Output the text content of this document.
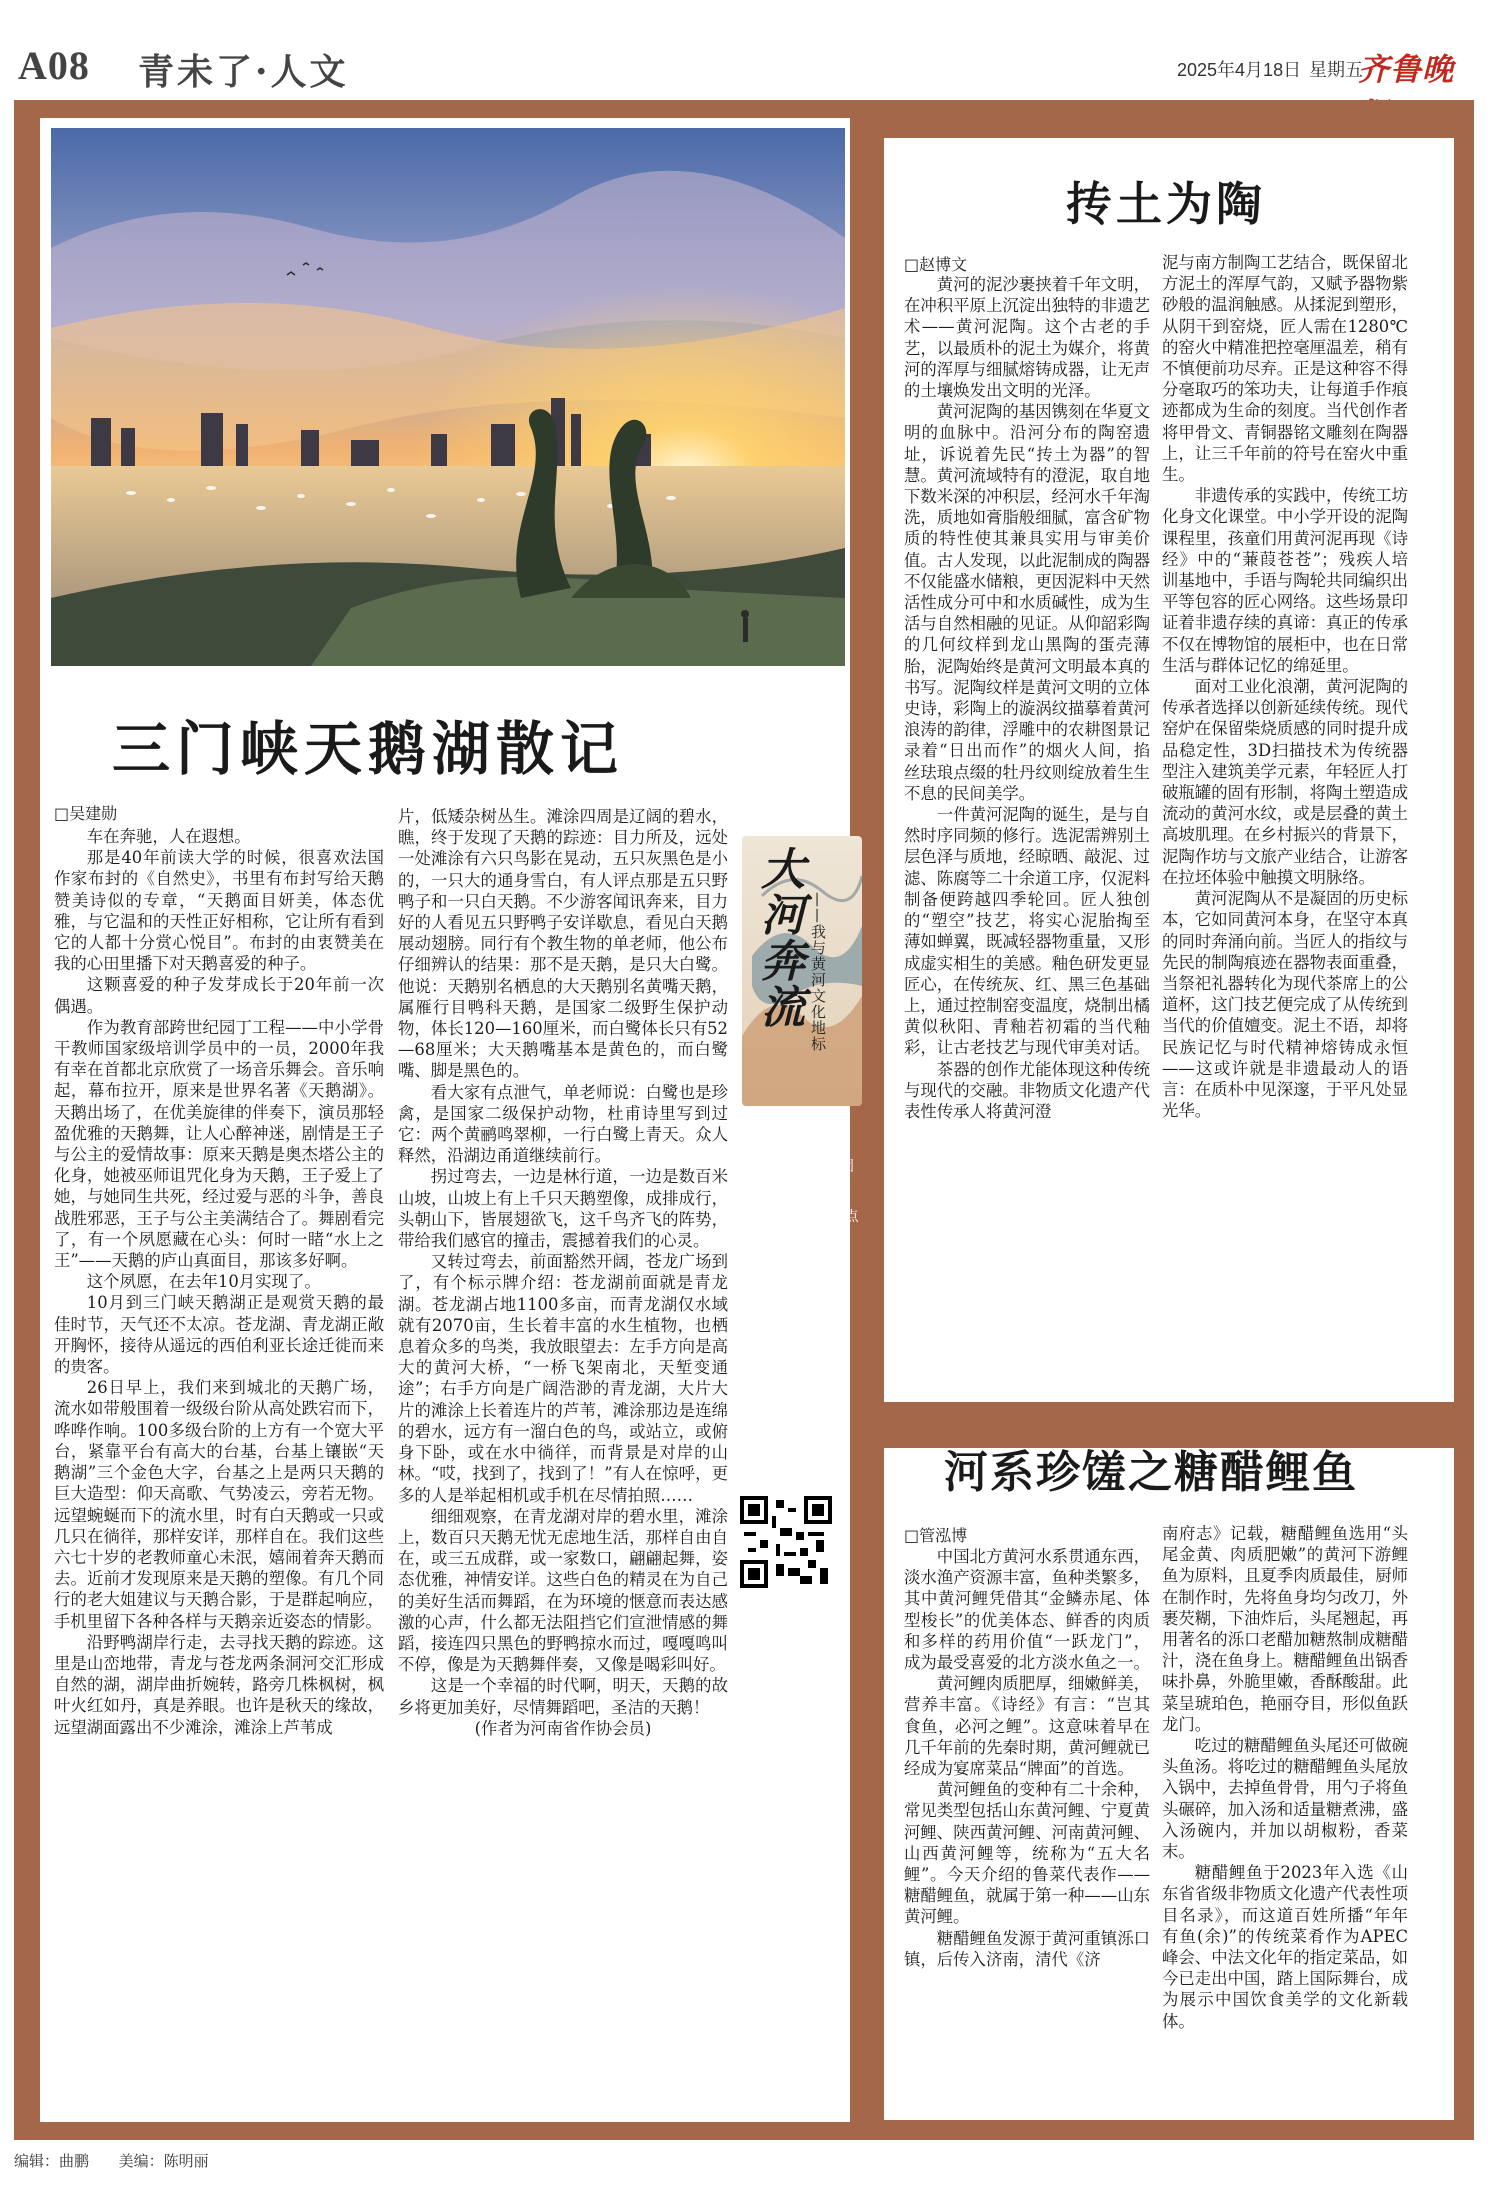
A08 青未了·人文	2025年4月18日 星期五
齐鲁晚
三门峡天鹅湖散记
□吴建勋

车在奔驰，人在遐想。

那是40年前读大学的时候，很喜欢法国作家布封的《自然史》，书里有布封写给天鹅赞美诗似的专章，“天鹅面目妍美，体态优雅，与它温和的天性正好相称，它让所有看到它的人都十分赏心悦目”。布封的由衷赞美在我的心田里播下对天鹅喜爱的种子。

这颗喜爱的种子发芽成长于20年前一次偶遇。

作为教育部跨世纪园丁工程——中小学骨干教师国家级培训学员中的一员，2000年我有幸在首都北京欣赏了一场音乐舞会。音乐响起，幕布拉开，原来是世界名著《天鹅湖》。天鹅出场了，在优美旋律的伴奏下，演员那轻盈优雅的天鹅舞，让人心醉神迷，剧情是王子与公主的爱情故事：原来天鹅是奥杰塔公主的化身，她被巫师诅咒化身为天鹅，王子爱上了她，与她同生共死，经过爱与恶的斗争，善良战胜邪恶，王子与公主美满结合了。舞剧看完了，有一个夙愿藏在心头：何时一睹“水上之王”——天鹅的庐山真面目，那该多好啊。

这个夙愿，在去年10月实现了。

10月到三门峡天鹅湖正是观赏天鹅的最佳时节，天气还不太凉。苍龙湖、青龙湖正敞开胸怀，接待从遥远的西伯利亚长途迁徙而来的贵客。

26日早上，我们来到城北的天鹅广场，流水如带般围着一级级台阶从高处跌宕而下，哗哗作响。100多级台阶的上方有一个宽大平台，紧靠平台有高大的台基，台基上镶嵌“天鹅湖”三个金色大字，台基之上是两只天鹅的巨大造型：仰天高歌、气势凌云，旁若无物。远望蜿蜒而下的流水里，时有白天鹅或一只或几只在徜徉，那样安详，那样自在。我们这些六七十岁的老教师童心未泯，嬉闹着奔天鹅而去。近前才发现原来是天鹅的塑像。有几个同行的老大姐建议与天鹅合影，于是群起响应，手机里留下各种各样与天鹅亲近姿态的情影。

沿野鸭湖岸行走，去寻找天鹅的踪迹。这里是山峦地带，青龙与苍龙两条洞河交汇形成自然的湖，湖岸曲折婉转，路旁几株枫树，枫叶火红如丹，真是养眼。也许是秋天的缘故，远望湖面露出不少滩涂，滩涂上芦苇成

片，低矮杂树丛生。滩涂四周是辽阔的碧水，瞧，终于发现了天鹅的踪迹：目力所及，远处一处滩涂有六只鸟影在晃动，五只灰黑色是小的，一只大的通身雪白，有人评点那是五只野鸭子和一只白天鹅。不少游客闻讯奔来，目力好的人看见五只野鸭子安详歇息，看见白天鹅展动翅膀。同行有个教生物的单老师，他公布仔细辨认的结果：那不是天鹅，是只大白鹭。他说：天鹅别名栖息的大天鹅别名黄嘴天鹅，属雁行目鸭科天鹅，是国家二级野生保护动物，体长120—160厘米，而白鹭体长只有52—68厘米；大天鹅嘴基本是黄色的，而白鹭嘴、脚是黑色的。

看大家有点泄气，单老师说：白鹭也是珍禽，是国家二级保护动物，杜甫诗里写到过它：两个黄鹂鸣翠柳，一行白鹭上青天。众人释然，沿湖边甬道继续前行。

拐过弯去，一边是林行道，一边是数百米山坡，山坡上有上千只天鹅塑像，成排成行，头朝山下，皆展翅欲飞，这千鸟齐飞的阵势，带给我们感官的撞击，震撼着我们的心灵。

又转过弯去，前面豁然开阔，苍龙广场到了，有个标示牌介绍：苍龙湖前面就是青龙湖。苍龙湖占地1100多亩，而青龙湖仅水域就有2070亩，生长着丰富的水生植物，也栖息着众多的鸟类，我放眼望去：左手方向是高大的黄河大桥，“一桥飞架南北，天堑变通途”；右手方向是广阔浩渺的青龙湖，大片大片的滩涂上长着连片的芦苇，滩涂那边是连绵的碧水，远方有一溜白色的鸟，或站立，或俯身下卧，或在水中徜徉，而背景是对岸的山林。“哎，找到了，找到了！”有人在惊呼，更多的人是举起相机或手机在尽情拍照……

细细观察，在青龙湖对岸的碧水里，滩涂上，数百只天鹅无忧无虑地生活，那样自由自在，或三五成群，或一家数口，翩翩起舞，姿态优雅，神情安详。这些白色的精灵在为自己的美好生活而舞蹈，在为环境的惬意而表达感激的心声，什么都无法阻挡它们宣泄情感的舞蹈，接连四只黑色的野鸭掠水而过，嘎嘎鸣叫不停，像是为天鹅舞伴奏，又像是喝彩叫好。

这是一个幸福的时代啊，明天，天鹅的故乡将更加美好，尽情舞蹈吧，圣洁的天鹅！

(作者为河南省作协会员)

大河奔流 ——我与黄河文化地标
主办单位：
山东黄河河务局
山东数字文化集团
承办单位：
齐鲁晚报·齐鲁壹点
“大河奔流——我与黄河文化地标”征文投稿邮箱：
qlwbfnzjzg@qq.com
抟土为陶
□赵博文

黄河的泥沙裹挟着千年文明，在冲积平原上沉淀出独特的非遗艺术——黄河泥陶。这个古老的手艺，以最质朴的泥土为媒介，将黄河的浑厚与细腻熔铸成器，让无声的土壤焕发出文明的光泽。

黄河泥陶的基因镌刻在华夏文明的血脉中。沿河分布的陶窑遗址，诉说着先民“抟土为器”的智慧。黄河流域特有的澄泥，取自地下数米深的冲积层，经河水千年淘洗，质地如膏脂般细腻，富含矿物质的特性使其兼具实用与审美价值。古人发现，以此泥制成的陶器不仅能盛水储粮，更因泥料中天然活性成分可中和水质碱性，成为生活与自然相融的见证。从仰韶彩陶的几何纹样到龙山黑陶的蛋壳薄胎，泥陶始终是黄河文明最本真的书写。泥陶纹样是黄河文明的立体史诗，彩陶上的漩涡纹描摹着黄河浪涛的韵律，浮雕中的农耕图景记录着“日出而作”的烟火人间，掐丝珐琅点缀的牡丹纹则绽放着生生不息的民间美学。

一件黄河泥陶的诞生，是与自然时序同频的修行。选泥需辨别土层色泽与质地，经晾晒、敲泥、过滤、陈腐等二十余道工序，仅泥料制备便跨越四季轮回。匠人独创的“塑空”技艺，将实心泥胎掏至薄如蝉翼，既减轻器物重量，又形成虚实相生的美感。釉色研发更显匠心，在传统灰、红、黑三色基础上，通过控制窑变温度，烧制出橘黄似秋阳、青釉若初霜的当代釉彩，让古老技艺与现代审美对话。

茶器的创作尤能体现这种传统与现代的交融。非物质文化遗产代表性传承人将黄河澄

泥与南方制陶工艺结合，既保留北方泥土的浑厚气韵，又赋予器物紫砂般的温润触感。从揉泥到塑形，从阴干到窑烧，匠人需在1280℃的窑火中精准把控毫厘温差，稍有不慎便前功尽弃。正是这种容不得分毫取巧的笨功夫，让每道手作痕迹都成为生命的刻度。当代创作者将甲骨文、青铜器铭文雕刻在陶器上，让三千年前的符号在窑火中重生。

非遗传承的实践中，传统工坊化身文化课堂。中小学开设的泥陶课程里，孩童们用黄河泥再现《诗经》中的“蒹葭苍苍”；残疾人培训基地中，手语与陶轮共同编织出平等包容的匠心网络。这些场景印证着非遗存续的真谛：真正的传承不仅在博物馆的展柜中，也在日常生活与群体记忆的绵延里。

面对工业化浪潮，黄河泥陶的传承者选择以创新延续传统。现代窑炉在保留柴烧质感的同时提升成品稳定性，3D扫描技术为传统器型注入建筑美学元素，年轻匠人打破瓶罐的固有形制，将陶土塑造成流动的黄河水纹，或是层叠的黄土高坡肌理。在乡村振兴的背景下，泥陶作坊与文旅产业结合，让游客在拉坯体验中触摸文明脉络。

黄河泥陶从不是凝固的历史标本，它如同黄河本身，在坚守本真的同时奔涌向前。当匠人的指纹与先民的制陶痕迹在器物表面重叠，当祭祀礼器转化为现代茶席上的公道杯，这门技艺便完成了从传统到当代的价值嬗变。泥土不语，却将民族记忆与时代精神熔铸成永恒——这或许就是非遗最动人的语言：在质朴中见深邃，于平凡处显光华。

河系珍馐之糖醋鲤鱼
□管泓博

中国北方黄河水系贯通东西，淡水渔产资源丰富，鱼种类繁多，其中黄河鲤凭借其“金鳞赤尾、体型梭长”的优美体态、鲜香的肉质和多样的药用价值“一跃龙门”，成为最受喜爱的北方淡水鱼之一。

黄河鲤肉质肥厚，细嫩鲜美，营养丰富。《诗经》有言：“岂其食鱼，必河之鲤”。这意味着早在几千年前的先秦时期，黄河鲤就已经成为宴席菜品“牌面”的首选。

黄河鲤鱼的变种有二十余种，常见类型包括山东黄河鲤、宁夏黄河鲤、陕西黄河鲤、河南黄河鲤、山西黄河鲤等，统称为“五大名鲤”。今天介绍的鲁菜代表作——糖醋鲤鱼，就属于第一种——山东黄河鲤。

糖醋鲤鱼发源于黄河重镇泺口镇，后传入济南，清代《济

南府志》记载，糖醋鲤鱼选用“头尾金黄、肉质肥嫩”的黄河下游鲤鱼为原料，且夏季肉质最佳，厨师在制作时，先将鱼身均匀改刀，外裹芡糊，下油炸后，头尾翘起，再用著名的泺口老醋加糖熬制成糖醋汁，浇在鱼身上。糖醋鲤鱼出锅香味扑鼻，外脆里嫩，香酥酸甜。此菜呈琥珀色，艳丽夺目，形似鱼跃龙门。

吃过的糖醋鲤鱼头尾还可做碗头鱼汤。将吃过的糖醋鲤鱼头尾放入锅中，去掉鱼骨骨，用勺子将鱼头碾碎，加入汤和适量糖煮沸，盛入汤碗内，并加以胡椒粉，香菜末。

糖醋鲤鱼于2023年入选《山东省省级非物质文化遗产代表性项目名录》，而这道百姓所播“年年有鱼(余)”的传统菜肴作为APEC峰会、中法文化年的指定菜品，如今已走出中国，踏上国际舞台，成为展示中国饮食美学的文化新载体。

编辑：曲鹏 美编：陈明丽
